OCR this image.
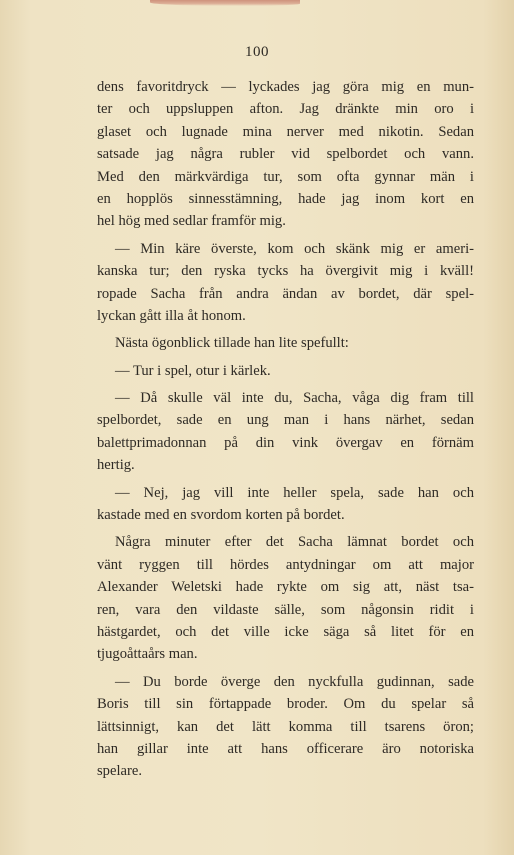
100
dens favoritdryck — lyckades jag göra mig en mun-
ter och uppsluppen afton. Jag dränkte min oro i
glaset och lugnade mina nerver med nikotin. Sedan
satsade jag några rubler vid spelbordet och vann.
Med den märkvärdiga tur, som ofta gynnar män i
en hopplös sinnesstämning, hade jag inom kort en
hel hög med sedlar framför mig.
— Min käre överste, kom och skänk mig er ameri-
kanska tur; den ryska tycks ha övergivit mig i kväll!
ropade Sacha från andra ändan av bordet, där spel-
lyckan gått illa åt honom.
Nästa ögonblick tillade han lite spefullt:
— Tur i spel, otur i kärlek.
— Då skulle väl inte du, Sacha, våga dig fram till
spelbordet, sade en ung man i hans närhet, sedan
balettprimadonnan på din vink övergav en förnäm
hertig.
— Nej, jag vill inte heller spela, sade han och
kastade med en svordom korten på bordet.
Några minuter efter det Sacha lämnat bordet och
vänt ryggen till hördes antydningar om att major
Alexander Weletski hade rykte om sig att, näst tsa-
ren, vara den vildaste sälle, som någonsin ridit i
hästgardet, och det ville icke säga så litet för en
tjugoåttaårs man.
— Du borde överge den nyckfulla gudinnan, sade
Boris till sin förtappade broder. Om du spelar så
lättsinnigt, kan det lätt komma till tsarens öron;
han gillar inte att hans officerare äro notoriska
spelare.
